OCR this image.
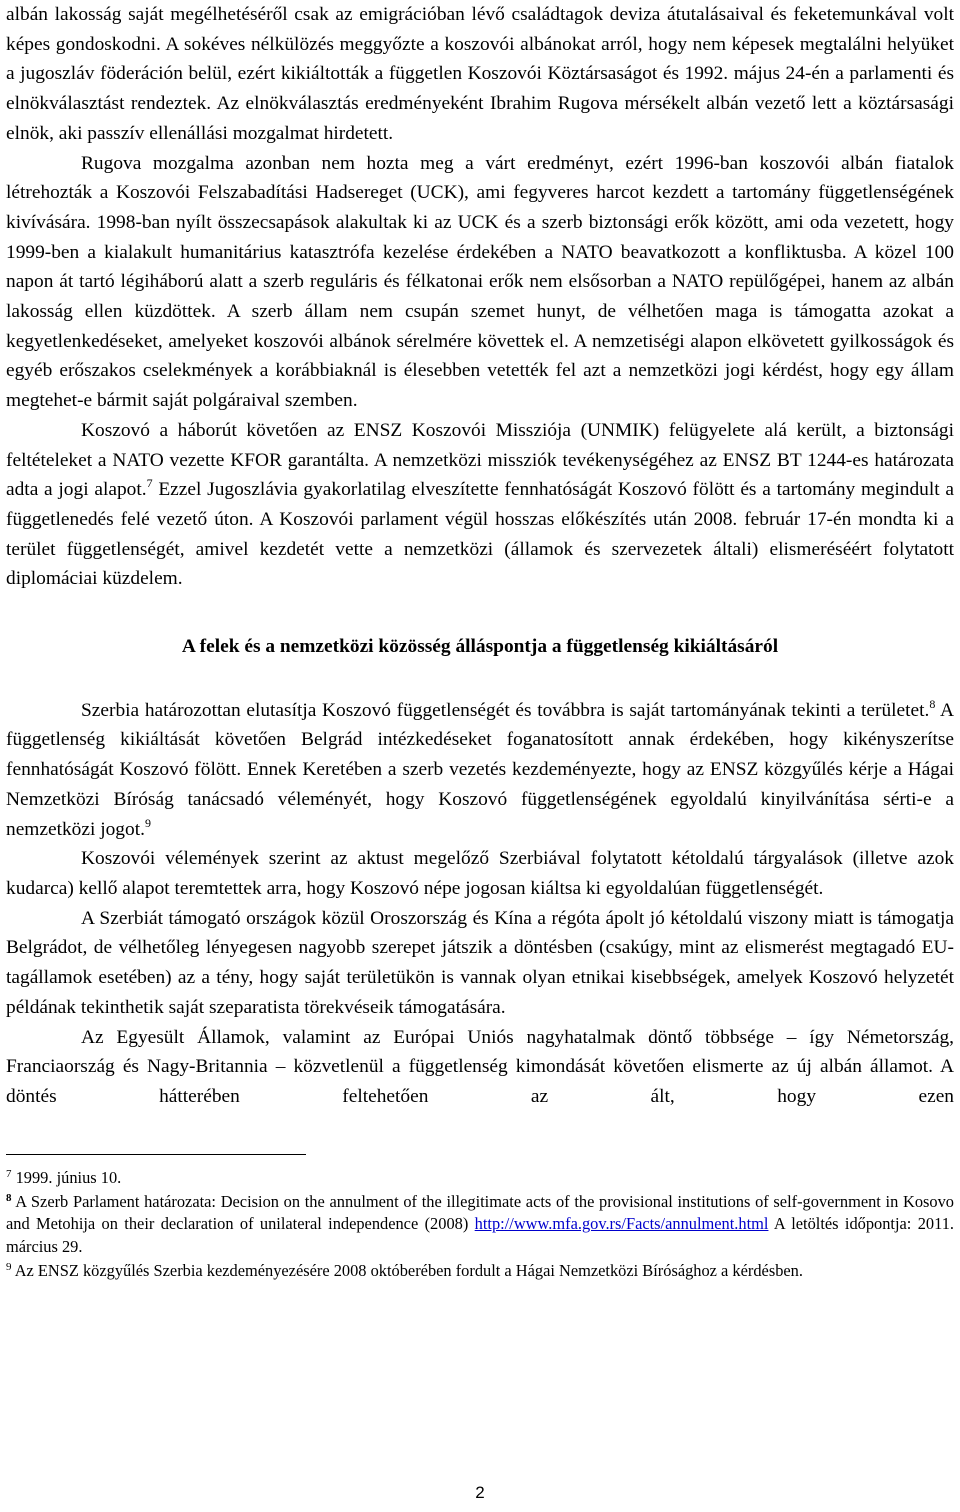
albán lakosság saját megélhetéséről csak az emigrációban lévő családtagok deviza átutalásaival és feketemunkával volt képes gondoskodni. A sokéves nélkülözés meggyőzte a koszovói albánokat arról, hogy nem képesek megtalálni helyüket a jugoszláv föderáción belül, ezért kikiáltották a független Koszovói Köztársaságot és 1992. május 24-én a parlamenti és elnökválasztást rendeztek. Az elnökválasztás eredményeként Ibrahim Rugova mérsékelt albán vezető lett a köztársasági elnök, aki passzív ellenállási mozgalmat hirdetett.

Rugova mozgalma azonban nem hozta meg a várt eredményt, ezért 1996-ban koszovói albán fiatalok létrehozták a Koszovói Felszabadítási Hadsereget (UCK), ami fegyveres harcot kezdett a tartomány függetlenségének kivívására. 1998-ban nyílt összecsapások alakultak ki az UCK és a szerb biztonsági erők között, ami oda vezetett, hogy 1999-ben a kialakult humanitárius katasztrófa kezelése érdekében a NATO beavatkozott a konfliktusba. A közel 100 napon át tartó légiháború alatt a szerb reguláris és félkatonai erők nem elsősorban a NATO repülőgépei, hanem az albán lakosság ellen küzdöttek. A szerb állam nem csupán szemet hunyt, de vélhetően maga is támogatta azokat a kegyetlenkedéseket, amelyeket koszovói albánok sérelmére követtek el. A nemzetiségi alapon elkövetett gyilkosságok és egyéb erőszakos cselekmények a korábbiaknál is élesebben vetették fel azt a nemzetközi jogi kérdést, hogy egy állam megtehet-e bármit saját polgáraival szemben.

Koszovó a háborút követően az ENSZ Koszovói Missziója (UNMIK) felügyelete alá került, a biztonsági feltételeket a NATO vezette KFOR garantálta. A nemzetközi missziók tevékenységéhez az ENSZ BT 1244-es határozata adta a jogi alapot.$^7$ Ezzel Jugoszlávia gyakorlatilag elveszítette fennhatóságát Koszovó fölött és a tartomány megindult a függetlenedés felé vezető úton. A Koszovói parlament végül hosszas előkészítés után 2008. február 17-én mondta ki a terület függetlenségét, amivel kezdetét vette a nemzetközi (államok és szervezetek általi) elismeréséért folytatott diplomáciai küzdelem.

A felek és a nemzetközi közösség álláspontja a függetlenség kikiáltásáról

Szerbia határozottan elutasítja Koszovó függetlenségét és továbbra is saját tartományának tekinti a területet.$^8$ A függetlenség kikiáltását követően Belgrád intézkedéseket foganatosított annak érdekében, hogy kikényszerítse fennhatóságát Koszovó fölött. Ennek Keretében a szerb vezetés kezdeményezte, hogy az ENSZ közgyűlés kérje a Hágai Nemzetközi Bíróság tanácsadó véleményét, hogy Koszovó függetlenségének egyoldalú kinyilvánítása sérti-e a nemzetközi jogot.$^9$

Koszovói vélemények szerint az aktust megelőző Szerbiával folytatott kétoldalú tárgyalások (illetve azok kudarca) kellő alapot teremtettek arra, hogy Koszovó népe jogosan kiáltsa ki egyoldalúan függetlenségét.

A Szerbiát támogató országok közül Oroszország és Kína a régóta ápolt jó kétoldalú viszony miatt is támogatja Belgrádot, de vélhetőleg lényegesen nagyobb szerepet játszik a döntésben (csakúgy, mint az elismerést megtagadó EU-tagállamok esetében) az a tény, hogy saját területükön is vannak olyan etnikai kisebbségek, amelyek Koszovó helyzetét példának tekinthetik saját szeparatista törekvéseik támogatására.

Az Egyesült Államok, valamint az Európai Uniós nagyhatalmak döntő többsége – így Németország, Franciaország és Nagy-Britannia – közvetlenül a függetlenség kimondását követően elismerte az új albán államot. A döntés hátterében feltehetően az ált, hogy ezen

$^7$ 1999. június 10.

$^8$ A Szerb Parlament határozata: Decision on the annulment of the illegitimate acts of the provisional institutions of self-government in Kosovo and Metohija on their declaration of unilateral independence (2008) http://www.mfa.gov.rs/Facts/annulment.html A letöltés időpontja: 2011. március 29.

$^9$ Az ENSZ közgyűlés Szerbia kezdeményezésére 2008 októberében fordult a Hágai Nemzetközi Bírósághoz a kérdésben.

2
